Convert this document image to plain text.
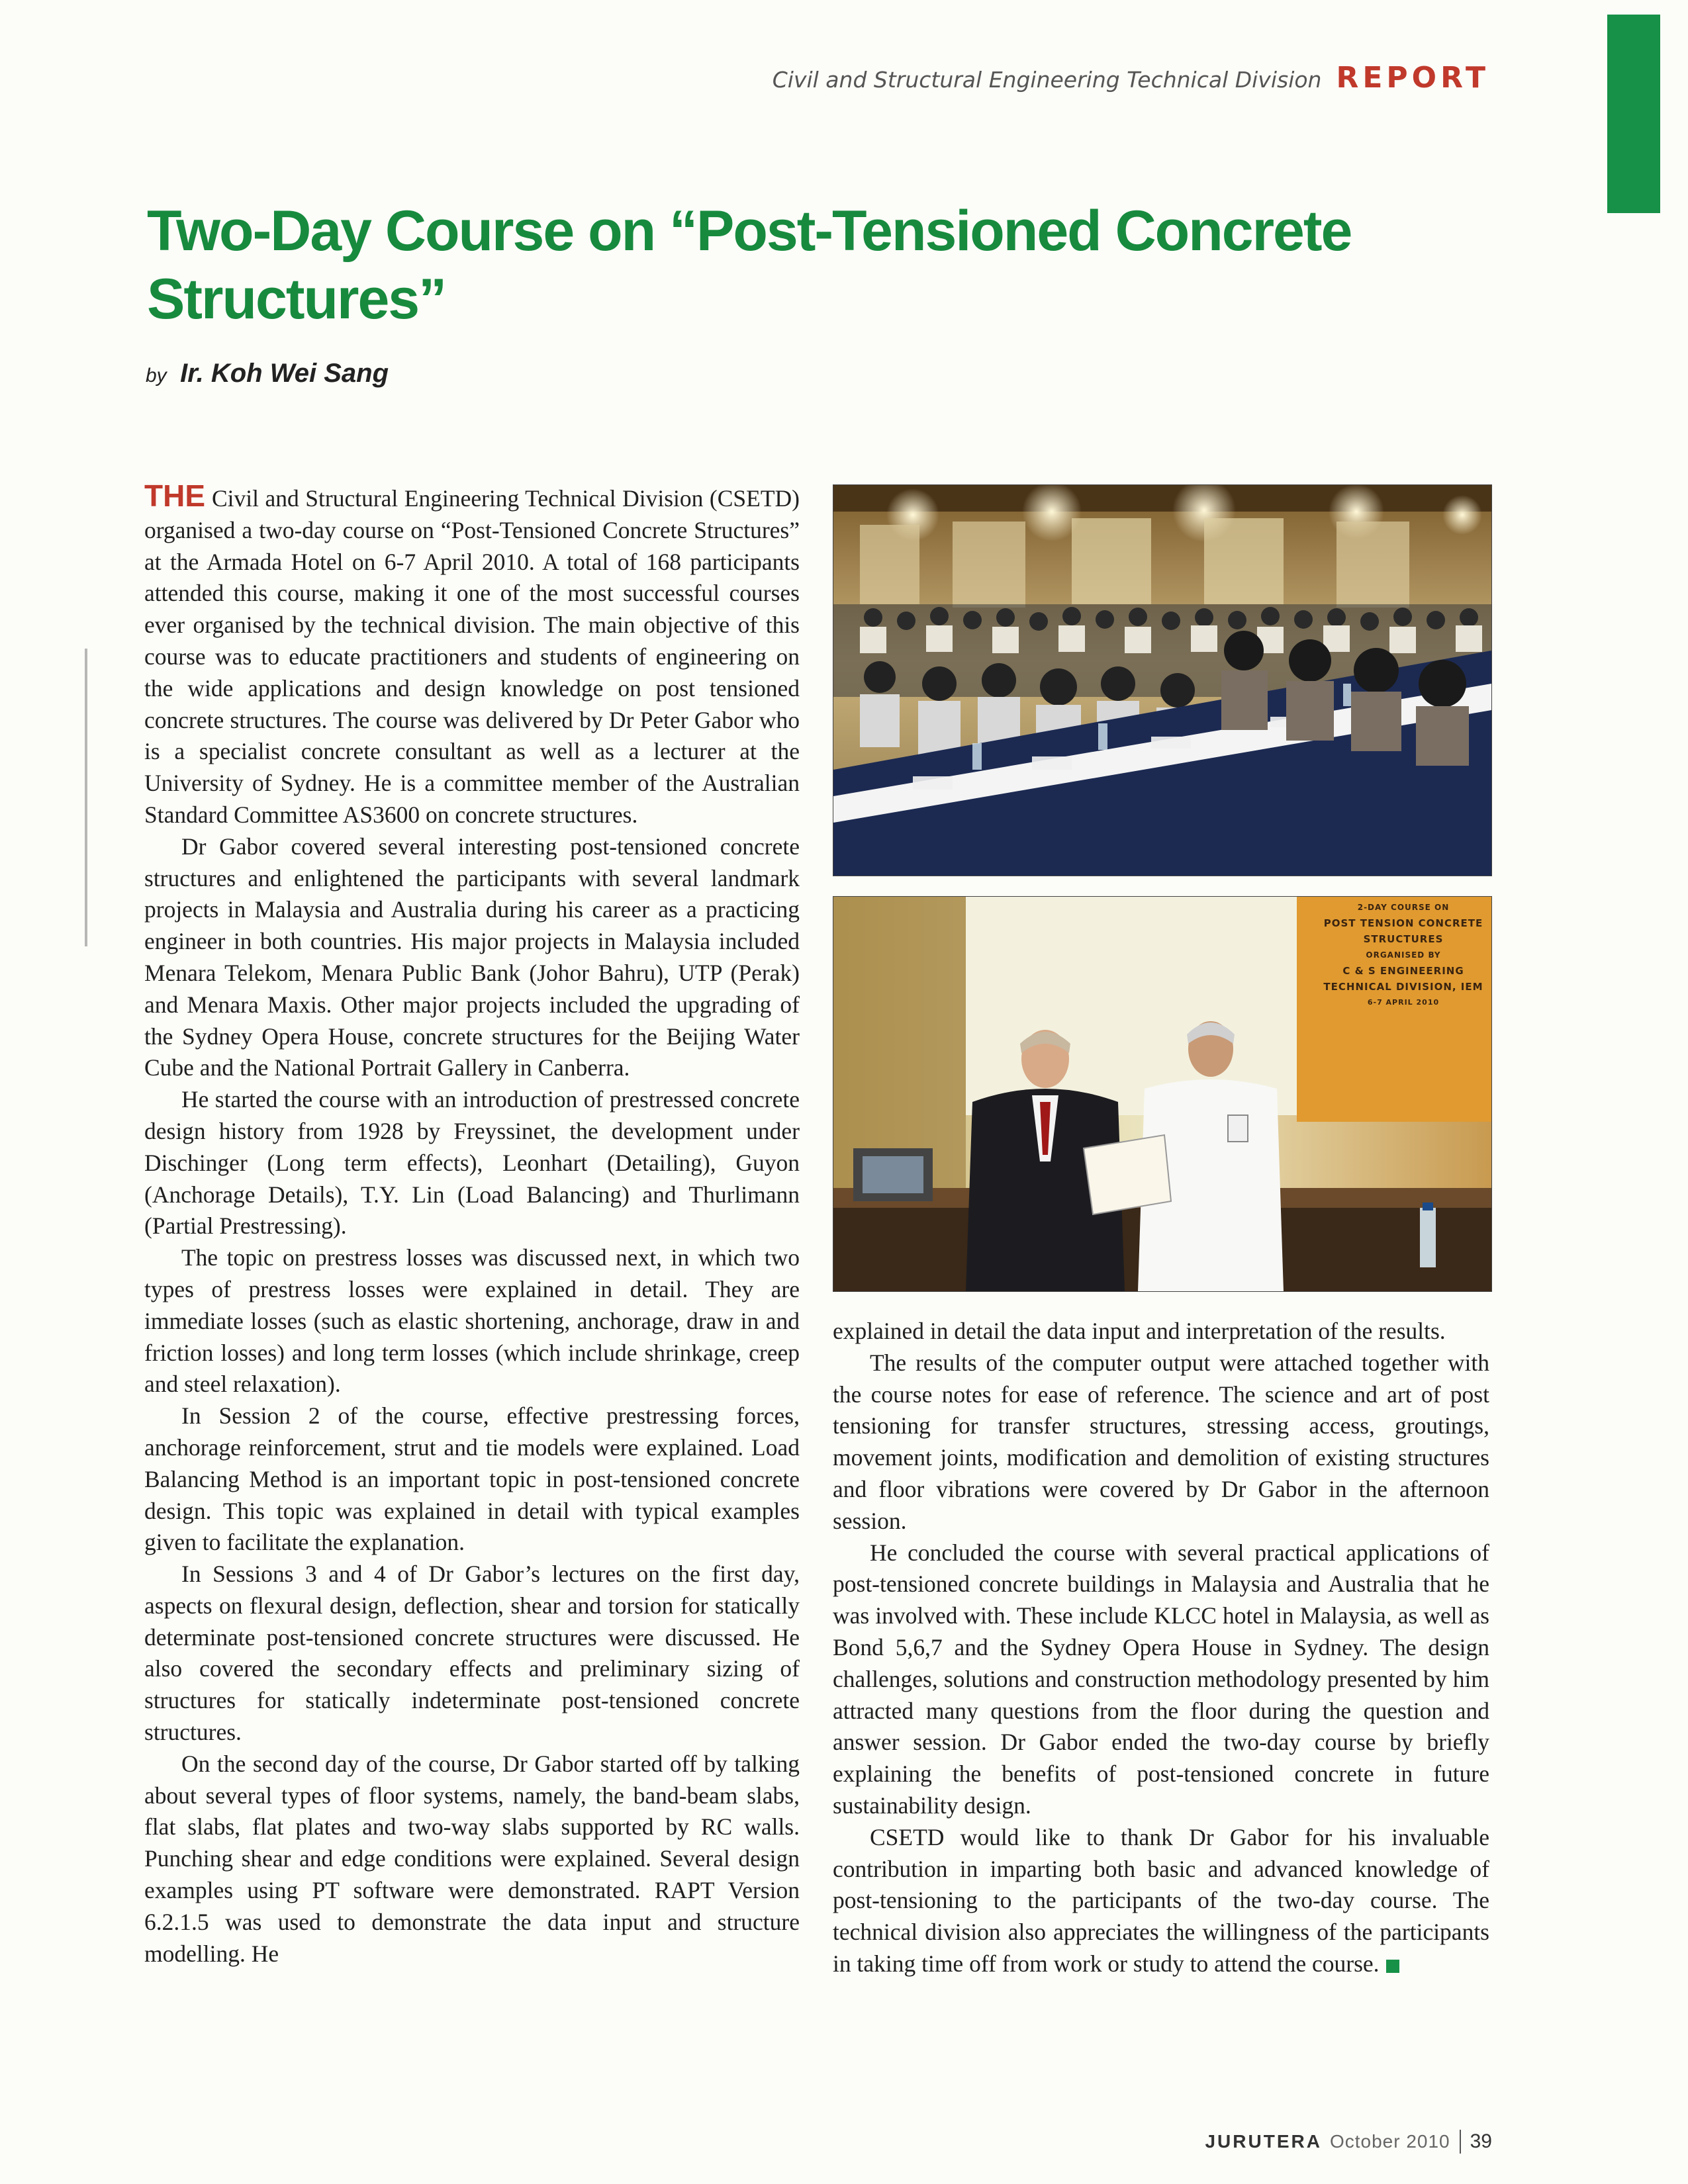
Civil and Structural Engineering Technical Division REPORT
Two-Day Course on “Post-Tensioned Concrete Structures”
by Ir. Koh Wei Sang

THE Civil and Structural Engineering Technical Division (CSETD) organised a two-day course on “Post-Tensioned Concrete Structures” at the Armada Hotel on 6-7 April 2010. A total of 168 participants attended this course, making it one of the most successful courses ever organised by the technical division. The main objective of this course was to educate practitioners and students of engineering on the wide applications and design knowledge on post tensioned concrete structures. The course was delivered by Dr Peter Gabor who is a specialist concrete consultant as well as a lecturer at the University of Sydney. He is a committee member of the Australian Standard Committee AS3600 on concrete structures.

Dr Gabor covered several interesting post-tensioned concrete structures and enlightened the participants with several landmark projects in Malaysia and Australia during his career as a practicing engineer in both countries. His major projects in Malaysia included Menara Telekom, Menara Public Bank (Johor Bahru), UTP (Perak) and Menara Maxis. Other major projects included the upgrading of the Sydney Opera House, concrete structures for the Beijing Water Cube and the National Portrait Gallery in Canberra.

He started the course with an introduction of prestressed concrete design history from 1928 by Freyssinet, the development under Dischinger (Long term effects), Leonhart (Detailing), Guyon (Anchorage Details), T.Y. Lin (Load Balancing) and Thurlimann (Partial Prestressing).

The topic on prestress losses was discussed next, in which two types of prestress losses were explained in detail. They are immediate losses (such as elastic shortening, anchorage, draw in and friction losses) and long term losses (which include shrinkage, creep and steel relaxation).

In Session 2 of the course, effective prestressing forces, anchorage reinforcement, strut and tie models were explained. Load Balancing Method is an important topic in post-tensioned concrete design. This topic was explained in detail with typical examples given to facilitate the explanation.

In Sessions 3 and 4 of Dr Gabor’s lectures on the first day, aspects on flexural design, deflection, shear and torsion for statically determinate post-tensioned concrete structures were discussed. He also covered the secondary effects and preliminary sizing of structures for statically indeterminate post-tensioned concrete structures.

On the second day of the course, Dr Gabor started off by talking about several types of floor systems, namely, the band-beam slabs, flat slabs, flat plates and two-way slabs supported by RC walls. Punching shear and edge conditions were explained. Several design examples using PT software were demonstrated. RAPT Version 6.2.1.5 was used to demonstrate the data input and structure modelling. He

2-DAY COURSE ON
POST TENSION CONCRETE
STRUCTURES
ORGANISED BY
C & S ENGINEERING
TECHNICAL DIVISION, IEM
6-7 APRIL 2010

explained in detail the data input and interpretation of the results.

The results of the computer output were attached together with the course notes for ease of reference. The science and art of post tensioning for transfer structures, stressing access, groutings, movement joints, modification and demolition of existing structures and floor vibrations were covered by Dr Gabor in the afternoon session.

He concluded the course with several practical applications of post-tensioned concrete buildings in Malaysia and Australia that he was involved with. These include KLCC hotel in Malaysia, as well as Bond 5,6,7 and the Sydney Opera House in Sydney. The design challenges, solutions and construction methodology presented by him attracted many questions from the floor during the question and answer session. Dr Gabor ended the two-day course by briefly explaining the benefits of post-tensioned concrete in future sustainability design.

CSETD would like to thank Dr Gabor for his invaluable contribution in imparting both basic and advanced knowledge of post-tensioning to the participants of the two-day course. The technical division also appreciates the willingness of the participants in taking time off from work or study to attend the course.

JURUTERA October 2010 39
